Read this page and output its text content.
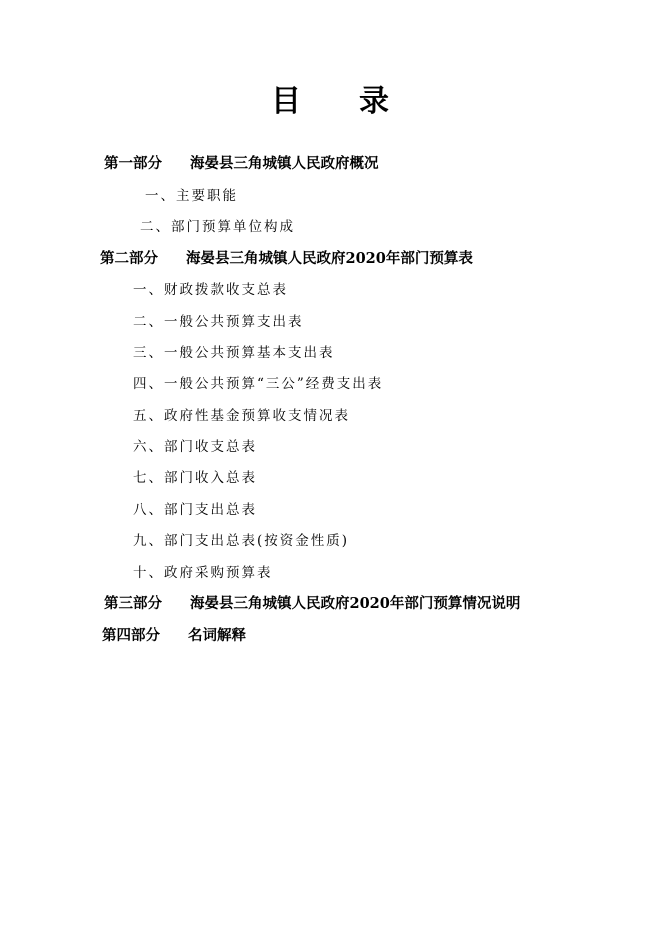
目 录
第一部分 海晏县三角城镇人民政府概况
一、主要职能
二、部门预算单位构成
第二部分 海晏县三角城镇人民政府2020年部门预算表
一、财政拨款收支总表
二、一般公共预算支出表
三、一般公共预算基本支出表
四、一般公共预算“三公”经费支出表
五、政府性基金预算收支情况表
六、部门收支总表
七、部门收入总表
八、部门支出总表
九、部门支出总表(按资金性质)
十、政府采购预算表
第三部分 海晏县三角城镇人民政府2020年部门预算情况说明
第四部分 名词解释
